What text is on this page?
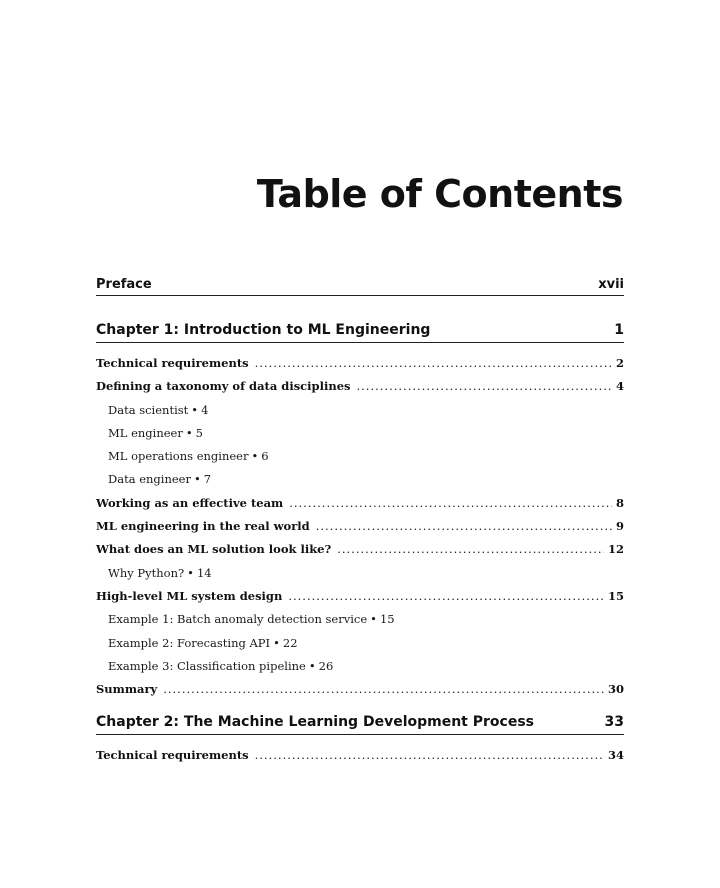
Table of Contents
Preface	xvii
Chapter 1: Introduction to ML Engineering	1
Technical requirements .....	2
Defining a taxonomy of data disciplines .....	4
Data scientist • 4
ML engineer • 5
ML operations engineer • 6
Data engineer • 7
Working as an effective team .....	8
ML engineering in the real world .....	9
What does an ML solution look like? .....	12
Why Python? • 14
High-level ML system design .....	15
Example 1: Batch anomaly detection service • 15
Example 2: Forecasting API • 22
Example 3: Classification pipeline • 26
Summary .....	30
Chapter 2: The Machine Learning Development Process	33
Technical requirements .....	34
